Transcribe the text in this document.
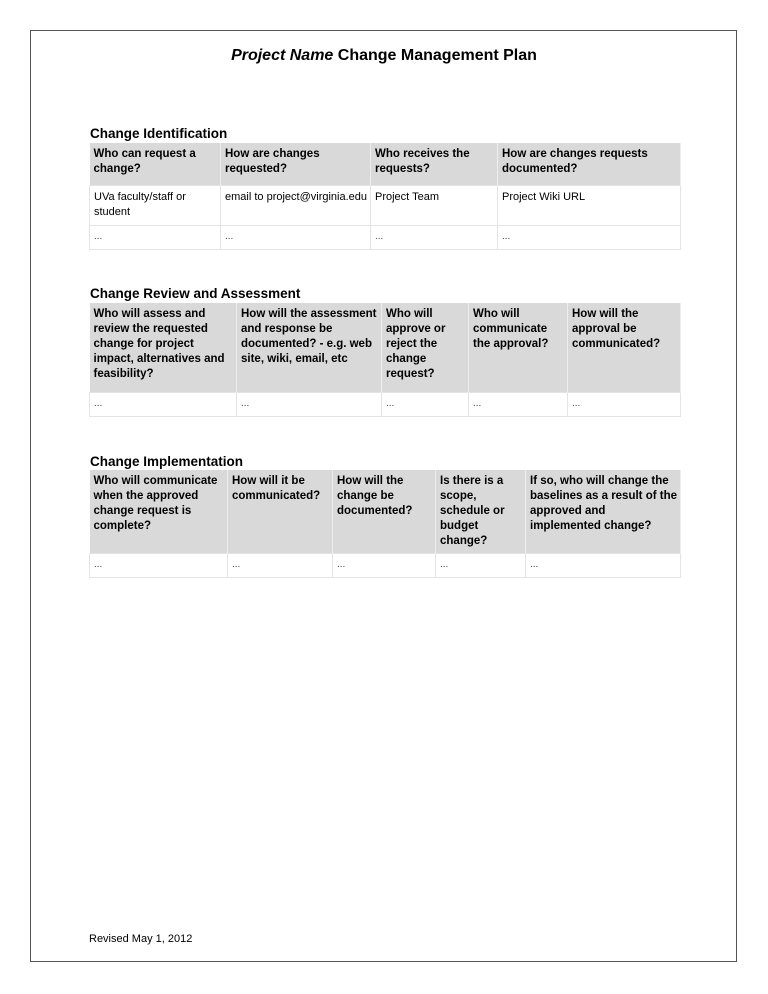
Project Name Change Management Plan
Change Identification
Who can request a change?	How are changes requested?	Who receives the requests?	How are changes requests documented?
UVa faculty/staff or student	email to project@virginia.edu	Project Team	Project Wiki URL
...	...	...	...
Change Review and Assessment
Who will assess and review the requested change for project impact, alternatives and feasibility?	How will the assessment and response be documented? - e.g. web site, wiki, email, etc	Who will approve or reject the change request?	Who will communicate the approval?	How will the approval be communicated?
...	...	...	...	...
Change Implementation
Who will communicate when the approved change request is complete?	How will it be communicated?	How will the change be documented?	Is there is a scope, schedule or budget change?	If so, who will change the baselines as a result of the approved and implemented change?
...	...	...	...	...
Revised May 1, 2012
